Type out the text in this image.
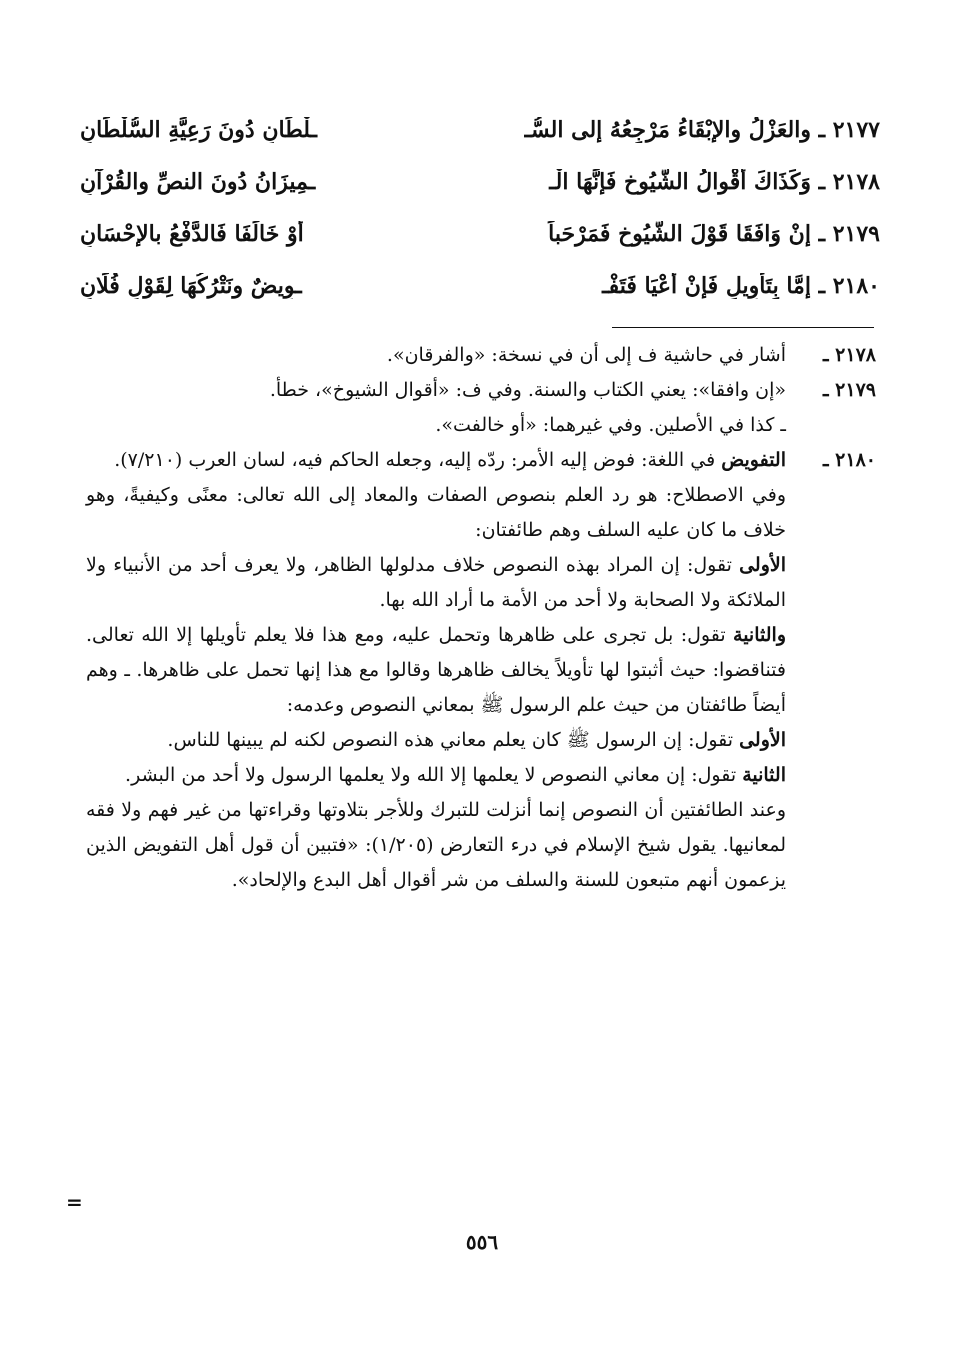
٢١٧٧ ـ والعَزْلُ والإِبْقَاءُ مَرْجِعُهُ إلى السُّـ
ـلْطَانِ دُونَ رَعِيَّةِ السُّلْطَانِ
٢١٧٨ ـ وَكَذَاكَ أَقْوالُ الشُّيُوخِ فَإِنَّهَا الْـ
ـمِيزَانُ دُونَ النصِّ والقُرْآنِ
٢١٧٩ ـ إنْ وَافَقَا قَوْلَ الشُّيُوخِ فَمَرْحَباً
أَوْ خَالَفَا فَالدَّفْعُ بالإحْسَانِ
٢١٨٠ ـ إِمَّا بِتَأْوِيلٍ فَإِنْ أَعْيَا فَتَفْـ
ـوِيضٌ ونَتْرُكُهَا لِقَوْلِ فُلَانِ
٢١٧٨ ـ
أشار في حاشية ف إلى أن في نسخة: «والفرقان».
٢١٧٩ ـ
«إن وافقا»: يعني الكتاب والسنة. وفي ف: «أقوال الشيوخ»، خطأ.
ـ كذا في الأصلين. وفي غيرهما: «أو خالفت».
٢١٨٠ ـ
التفويض في اللغة: فوض إليه الأمر: ردّه إليه، وجعله الحاكم فيه، لسان العرب (٧/٢١٠).
وفي الاصطلاح: هو رد العلم بنصوص الصفات والمعاد إلى الله تعالى: معنًى وكيفيةً، وهو خلاف ما كان عليه السلف وهم طائفتان:
الأولى تقول: إن المراد بهذه النصوص خلاف مدلولها الظاهر، ولا يعرف أحد من الأنبياء ولا الملائكة ولا الصحابة ولا أحد من الأمة ما أراد الله بها.
والثانية تقول: بل تجرى على ظاهرها وتحمل عليه، ومع هذا فلا يعلم تأويلها إلا الله تعالى. فتناقضوا: حيث أثبتوا لها تأويلاً يخالف ظاهرها وقالوا مع هذا إنها تحمل على ظاهرها. ـ وهم أيضاً طائفتان من حيث علم الرسول ﷺ بمعاني النصوص وعدمه:
الأولى تقول: إن الرسول ﷺ كان يعلم معاني هذه النصوص لكنه لم يبينها للناس.
الثانية تقول: إن معاني النصوص لا يعلمها إلا الله ولا يعلمها الرسول ولا أحد من البشر.
وعند الطائفتين أن النصوص إنما أنزلت للتبرك وللأجر بتلاوتها وقراءتها من غير فهم ولا فقه لمعانيها. يقول شيخ الإسلام في درء التعارض (١/٢٠٥): «فتبين أن قول أهل التفويض الذين يزعمون أنهم متبعون للسنة والسلف من شر أقوال أهل البدع والإلحاد».
=
٥٥٦
